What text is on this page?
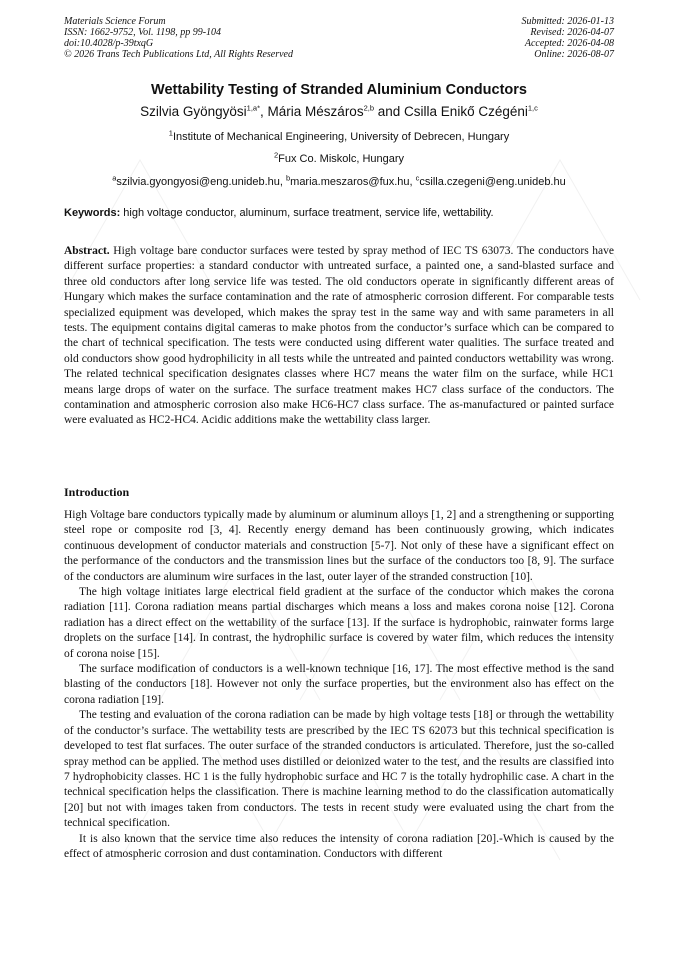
Materials Science Forum
ISSN: 1662-9752, Vol. 1198, pp 99-104
doi:10.4028/p-39txqG
© 2026 Trans Tech Publications Ltd, All Rights Reserved
Submitted: 2026-01-13
Revised: 2026-04-07
Accepted: 2026-04-08
Online: 2026-08-07
Wettability Testing of Stranded Aluminium Conductors
Szilvia Gyöngyösi$^{1,a*}$, Mária Mészáros$^{2,b}$ and Csilla Enikő Czégéni$^{1,c}$
$^1$Institute of Mechanical Engineering, University of Debrecen, Hungary
$^2$Fux Co. Miskolc, Hungary
$^a$szilvia.gyongyosi@eng.unideb.hu, $^b$maria.meszaros@fux.hu, $^c$csilla.czegeni@eng.unideb.hu
Keywords: high voltage conductor, aluminum, surface treatment, service life, wettability.

Abstract. High voltage bare conductor surfaces were tested by spray method of IEC TS 63073. The conductors have different surface properties: a standard conductor with untreated surface, a painted one, a sand-blasted surface and three old conductors after long service life was tested. The old conductors operate in significantly different areas of Hungary which makes the surface contamination and the rate of atmospheric corrosion different. For comparable tests specialized equipment was developed, which makes the spray test in the same way and with same parameters in all tests. The equipment contains digital cameras to make photos from the conductor’s surface which can be compared to the chart of technical specification. The tests were conducted using different water qualities. The surface treated and old conductors show good hydrophilicity in all tests while the untreated and painted conductors wettability was wrong. The related technical specification designates classes where HC7 means the water film on the surface, while HC1 means large drops of water on the surface. The surface treatment makes HC7 class surface of the conductors. The contamination and atmospheric corrosion also make HC6-HC7 class surface. The as-manufactured or painted surface were evaluated as HC2-HC4. Acidic additions make the wettability class larger.

Introduction

High Voltage bare conductors typically made by aluminum or aluminum alloys [1, 2] and a strengthening or supporting steel rope or composite rod [3, 4]. Recently energy demand has been continuously growing, which indicates continuous development of conductor materials and construction [5-7]. Not only of these have a significant effect on the performance of the conductors and the transmission lines but the surface of the conductors too [8, 9]. The surface of the conductors are aluminum wire surfaces in the last, outer layer of the stranded construction [10].

The high voltage initiates large electrical field gradient at the surface of the conductor which makes the corona radiation [11]. Corona radiation means partial discharges which means a loss and makes corona noise [12]. Corona radiation has a direct effect on the wettability of the surface [13]. If the surface is hydrophobic, rainwater forms large droplets on the surface [14]. In contrast, the hydrophilic surface is covered by water film, which reduces the intensity of corona noise [15].

The surface modification of conductors is a well-known technique [16, 17]. The most effective method is the sand blasting of the conductors [18]. However not only the surface properties, but the environment also has effect on the corona radiation [19].

The testing and evaluation of the corona radiation can be made by high voltage tests [18] or through the wettability of the conductor’s surface. The wettability tests are prescribed by the IEC TS 62073 but this technical specification is developed to test flat surfaces. The outer surface of the stranded conductors is articulated. Therefore, just the so-called spray method can be applied. The method uses distilled or deionized water to the test, and the results are classified into 7 hydrophobicity classes. HC 1 is the fully hydrophobic surface and HC 7 is the totally hydrophilic case. A chart in the technical specification helps the classification. There is machine learning method to do the classification automatically [20] but not with images taken from conductors. The tests in recent study were evaluated using the chart from the technical specification.

It is also known that the service time also reduces the intensity of corona radiation [20].-Which is caused by the effect of atmospheric corrosion and dust contamination. Conductors with different
